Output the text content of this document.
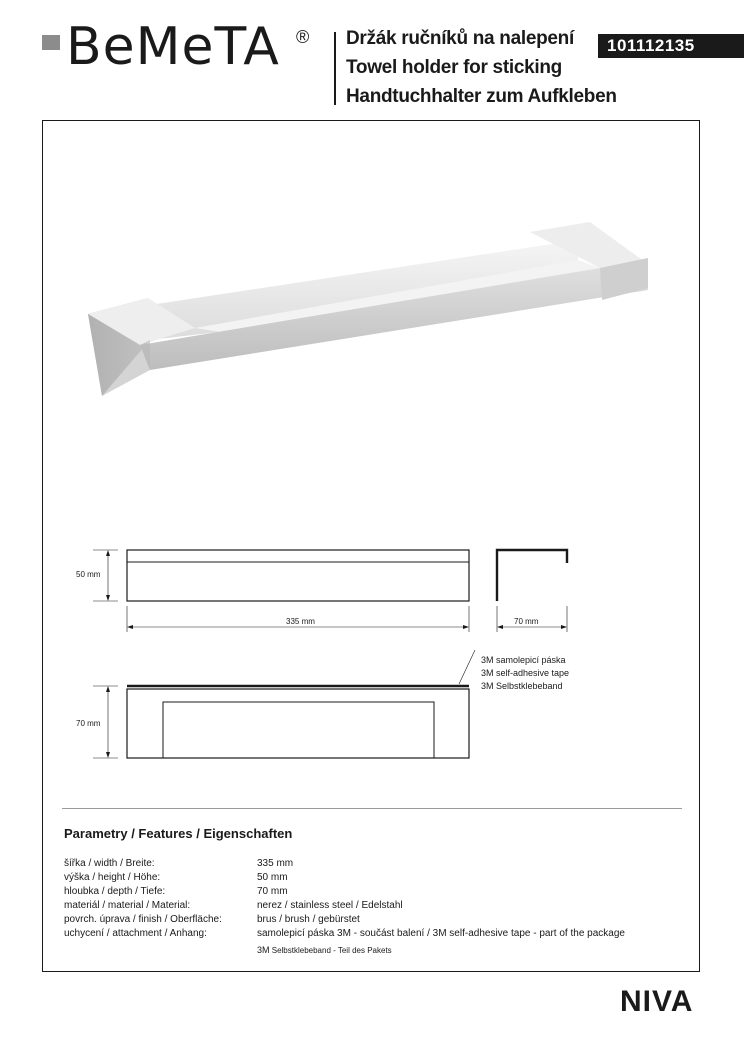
BeMeTA ® Držák ručníků na nalepení
Towel holder for sticking
Handtuchhalter zum Aufkleben
101112135
50 mm
335 mm	70 mm
70 mm
3M samolepicí páska
3M self-adhesive tape
3M Selbstklebeband
Parametry / Features / Eigenschaften
šířka / width / Breite:	335 mm
výška / height / Höhe:	50 mm
hloubka / depth / Tiefe:	70 mm
materiál / material / Material:	nerez / stainless steel / Edelstahl
povrch. úprava / finish / Oberfläche:	brus / brush / gebürstet
uchycení / attachment / Anhang:	samolepicí páska 3M - součást balení / 3M self-adhesive tape - part of the package
3M Selbstklebeband - Teil des Pakets
NIVA
